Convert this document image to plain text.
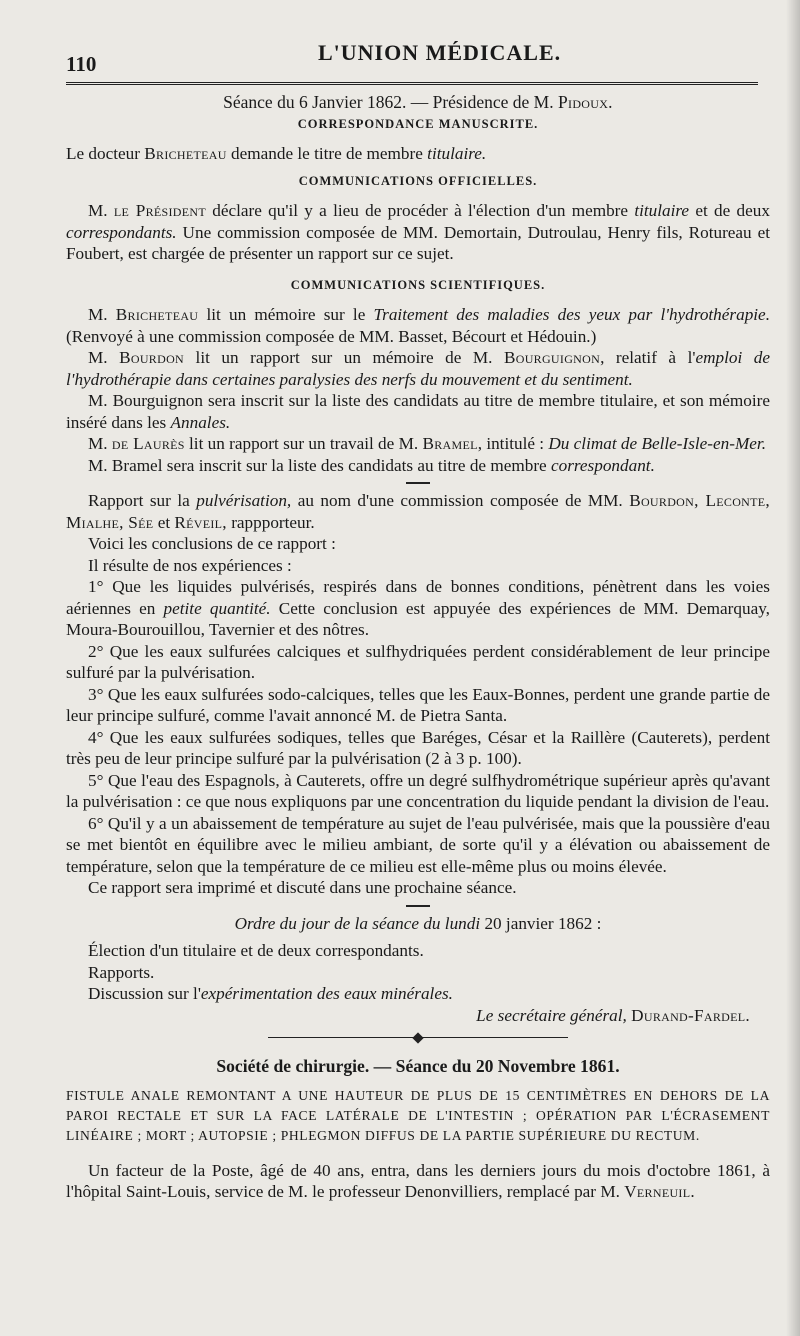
110	L'UNION MÉDICALE.

Séance du 6 Janvier 1862. — Présidence de M. Pidoux.

CORRESPONDANCE MANUSCRITE.

Le docteur Bricheteau demande le titre de membre titulaire.

COMMUNICATIONS OFFICIELLES.

M. le Président déclare qu'il y a lieu de procéder à l'élection d'un membre titulaire et de deux correspondants. Une commission composée de MM. Demortain, Dutroulau, Henry fils, Rotureau et Foubert, est chargée de présenter un rapport sur ce sujet.

COMMUNICATIONS SCIENTIFIQUES.

M. Bricheteau lit un mémoire sur le Traitement des maladies des yeux par l'hydrothérapie. (Renvoyé à une commission composée de MM. Basset, Bécourt et Hédouin.)

M. Bourdon lit un rapport sur un mémoire de M. Bourguignon, relatif à l'emploi de l'hydrothérapie dans certaines paralysies des nerfs du mouvement et du sentiment.

M. Bourguignon sera inscrit sur la liste des candidats au titre de membre titulaire, et son mémoire inséré dans les Annales.

M. de Laurès lit un rapport sur un travail de M. Bramel, intitulé : Du climat de Belle-Isle-en-Mer.

M. Bramel sera inscrit sur la liste des candidats au titre de membre correspondant.

Rapport sur la pulvérisation, au nom d'une commission composée de MM. Bourdon, Leconte, Mialhe, Sée et Réveil, rappporteur.

Voici les conclusions de ce rapport :

Il résulte de nos expériences :

1° Que les liquides pulvérisés, respirés dans de bonnes conditions, pénètrent dans les voies aériennes en petite quantité. Cette conclusion est appuyée des expériences de MM. Demarquay, Moura-Bourouillou, Tavernier et des nôtres.

2° Que les eaux sulfurées calciques et sulfhydriquées perdent considérablement de leur principe sulfuré par la pulvérisation.

3° Que les eaux sulfurées sodo-calciques, telles que les Eaux-Bonnes, perdent une grande partie de leur principe sulfuré, comme l'avait annoncé M. de Pietra Santa.

4° Que les eaux sulfurées sodiques, telles que Baréges, César et la Raillère (Cauterets), perdent très peu de leur principe sulfuré par la pulvérisation (2 à 3 p. 100).

5° Que l'eau des Espagnols, à Cauterets, offre un degré sulfhydrométrique supérieur après qu'avant la pulvérisation : ce que nous expliquons par une concentration du liquide pendant la division de l'eau.

6° Qu'il y a un abaissement de température au sujet de l'eau pulvérisée, mais que la poussière d'eau se met bientôt en équilibre avec le milieu ambiant, de sorte qu'il y a élévation ou abaissement de température, selon que la température de ce milieu est elle-même plus ou moins élevée.

Ce rapport sera imprimé et discuté dans une prochaine séance.

Ordre du jour de la séance du lundi 20 janvier 1862 :

Élection d'un titulaire et de deux correspondants.

Rapports.

Discussion sur l'expérimentation des eaux minérales.

Le secrétaire général, Durand-Fardel.

Société de chirurgie. — Séance du 20 Novembre 1861.

FISTULE ANALE REMONTANT A UNE HAUTEUR DE PLUS DE 15 CENTIMÈTRES EN DEHORS DE LA PAROI RECTALE ET SUR LA FACE LATÉRALE DE L'INTESTIN ; OPÉRATION PAR L'ÉCRASEMENT LINÉAIRE ; MORT ; AUTOPSIE ; PHLEGMON DIFFUS DE LA PARTIE SUPÉRIEURE DU RECTUM.

Un facteur de la Poste, âgé de 40 ans, entra, dans les derniers jours du mois d'octobre 1861, à l'hôpital Saint-Louis, service de M. le professeur Denonvilliers, remplacé par M. Verneuil.
